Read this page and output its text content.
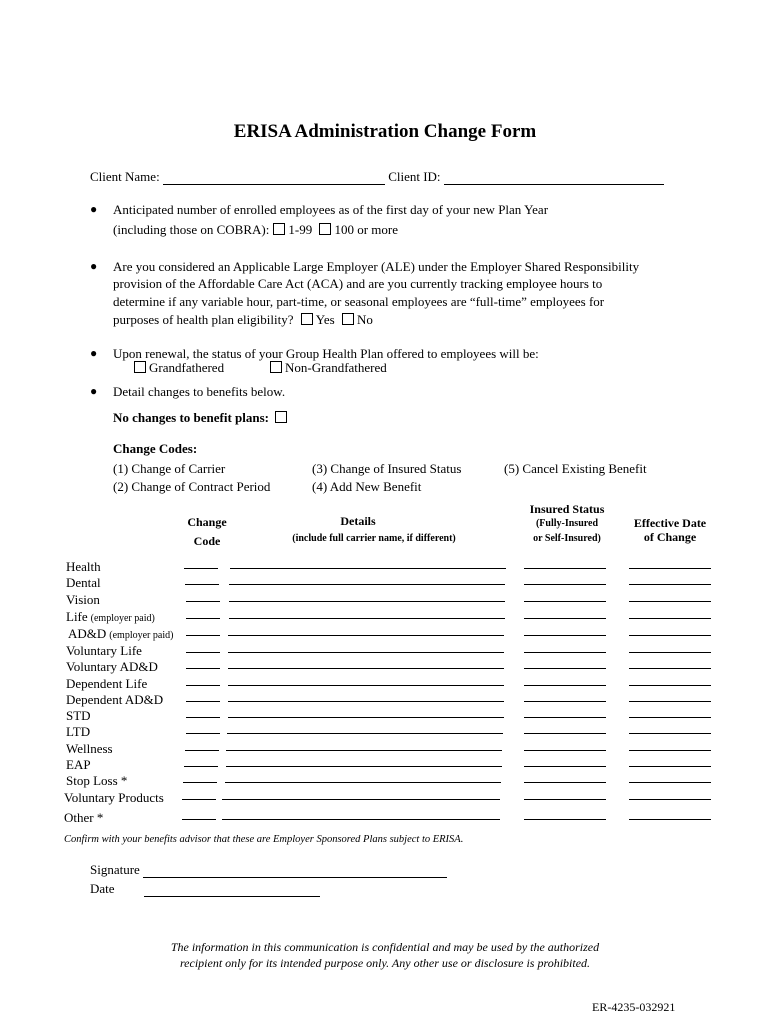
ERISA Administration Change Form
Client Name:	Client ID:
● Anticipated number of enrolled employees as of the first day of your new Plan Year
(including those on COBRA): 1-99 100 or more
● Are you considered an Applicable Large Employer (ALE) under the Employer Shared Responsibility
provision of the Affordable Care Act (ACA) and are you currently tracking employee hours to
determine if any variable hour, part-time, or seasonal employees are “full-time” employees for
purposes of health plan eligibility? Yes No
● Upon renewal, the status of your Group Health Plan offered to employees will be:
Grandfathered	Non-Grandfathered
● Detail changes to benefits below.
No changes to benefit plans:
Change Codes:
(1) Change of Carrier
(2) Change of Contract Period
(3) Change of Insured Status
(4) Add New Benefit
(5) Cancel Existing Benefit
Change
Code
Details
(include full carrier name, if different)
Insured Status
(Fully-Insured
or Self-Insured)
Effective Date
of Change
Health
Dental
Vision
Life (employer paid)
AD&D (employer paid)
Voluntary Life
Voluntary AD&D
Dependent Life
Dependent AD&D
STD
LTD
Wellness
EAP
Stop Loss *
Voluntary Products
Other *
Confirm with your benefits advisor that these are Employer Sponsored Plans subject to ERISA.
Signature
Date
The information in this communication is confidential and may be used by the authorized
recipient only for its intended purpose only. Any other use or disclosure is prohibited.
ER-4235-032921
